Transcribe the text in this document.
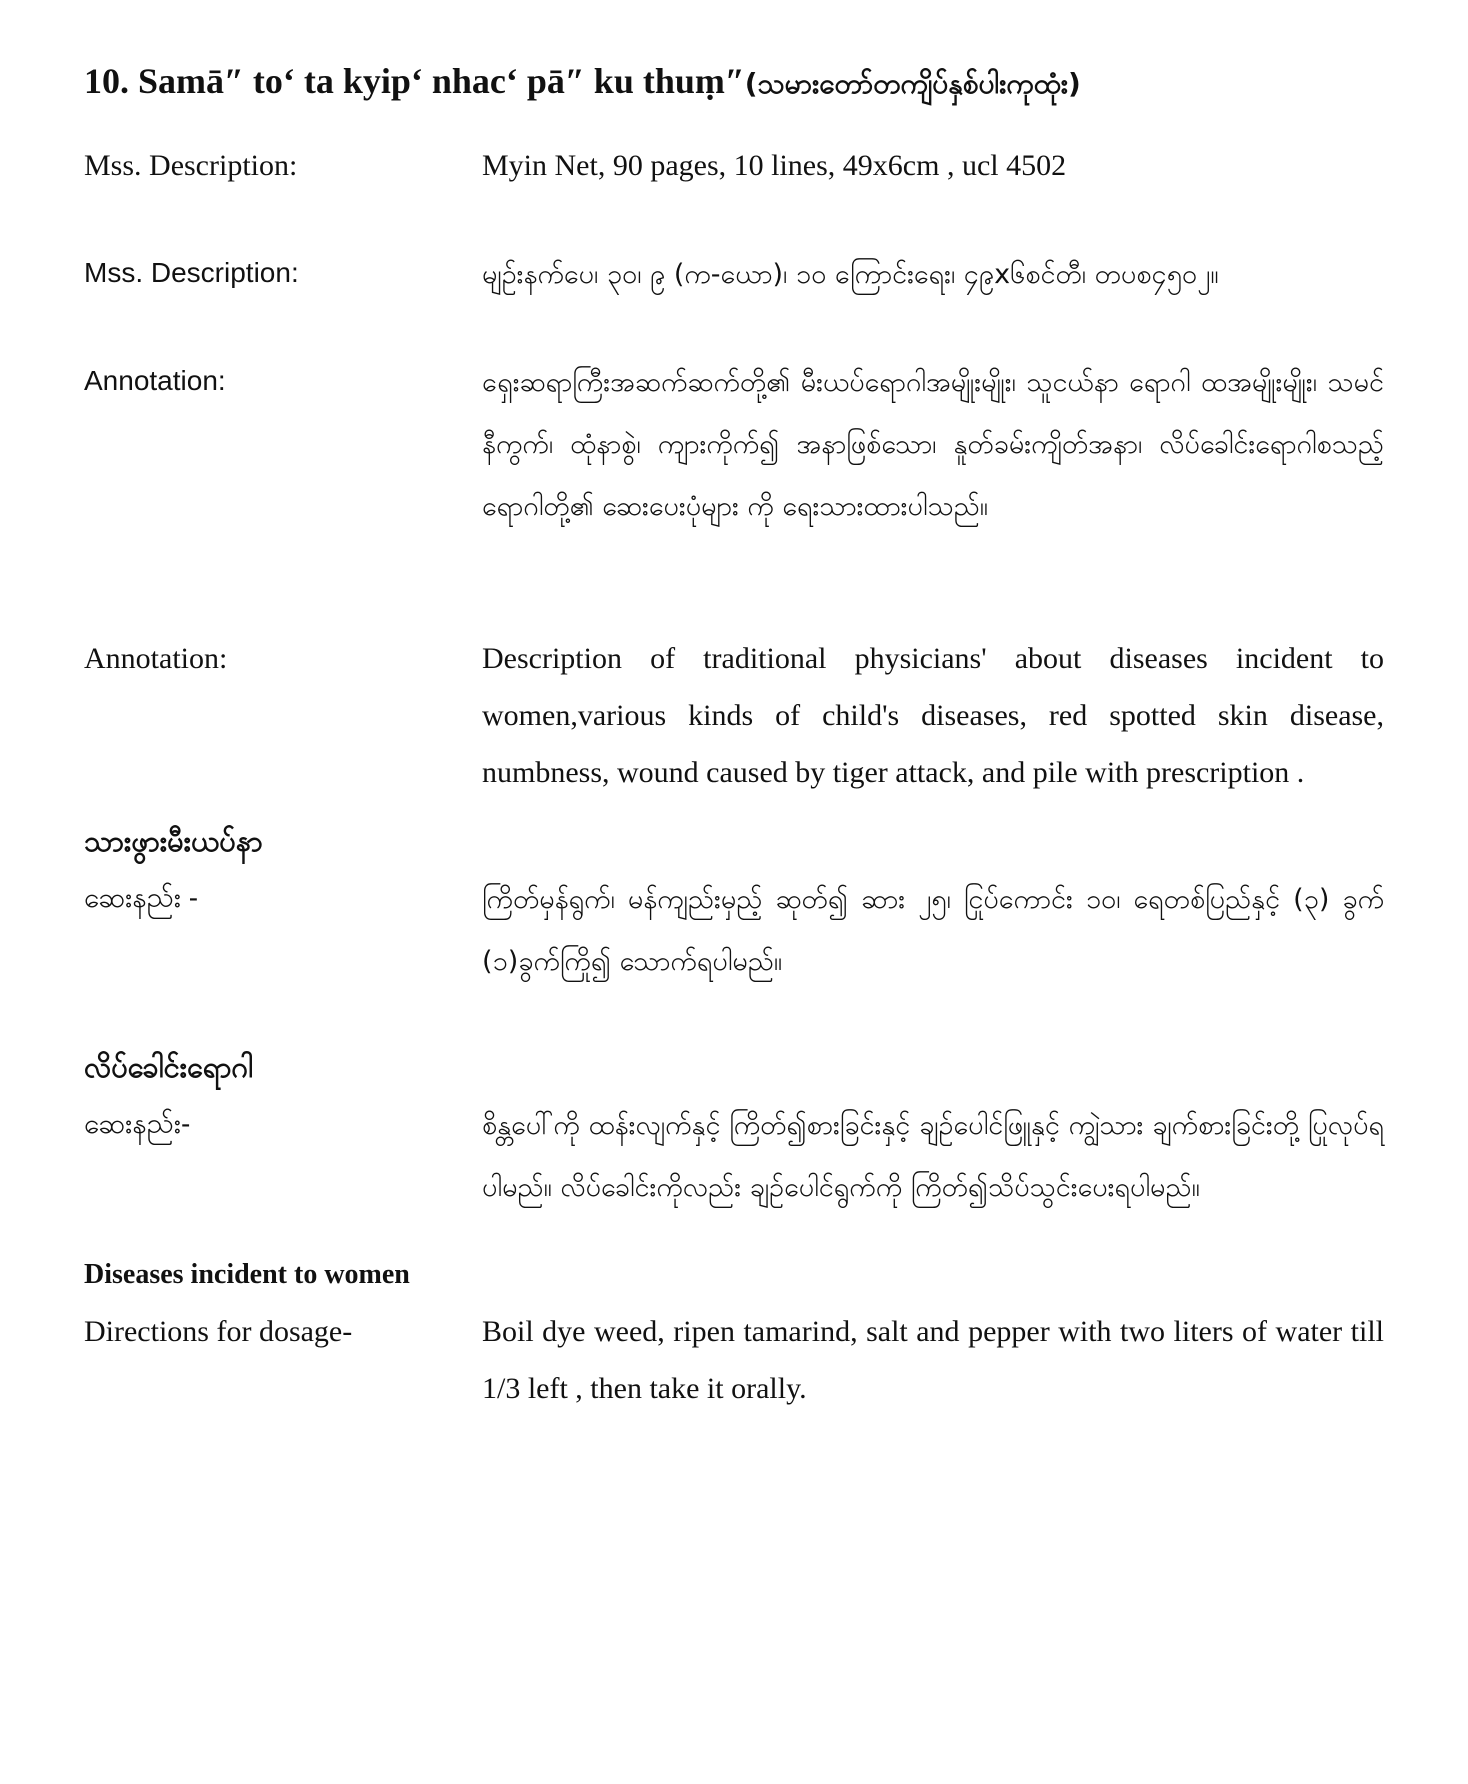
10. Samā″ to‘ ta kyip‘ nhac‘ pā″ ku thuṃ″(သမားတော်တကျိပ်နှစ်ပါးကုထုံး)
Mss. Description:	Myin Net, 90 pages, 10 lines, 49x6cm , ucl 4502
Mss. Description:	မျဉ်းနက်ပေ၊ ၃၀၊ ၉ (က-ယော)၊ ၁၀ ကြောင်းရေး၊ ၄၉x၆စင်တီ၊ တပစ၄၅၀၂။
Annotation:	ရှေးဆရာကြီးအဆက်ဆက်တို့၏ မီးယပ်ရောဂါအမျိုးမျိုး၊ သူငယ်နာ ရောဂါ ထအမျိုးမျိုး၊ သမင်နီကွက်၊ ထုံနာစွဲ၊ ကျားကိုက်၍ အနာဖြစ်သော၊ နူတ်ခမ်းကျိတ်အနာ၊ လိပ်ခေါင်းရောဂါစသည့်ရောဂါတို့၏ ဆေးပေးပုံများ ကို ရေးသားထားပါသည်။
Annotation:	Description of traditional physicians' about diseases incident to women,various kinds of child's diseases, red spotted skin disease, numbness, wound caused by tiger attack, and pile with prescription .
သားဖွားမီးယပ်နာ
ဆေးနည်း -	ကြိတ်မှန်ရွက်၊ မန်ကျည်းမှည့် ဆုတ်၍ ဆား ၂၅၊ ငြုပ်ကောင်း ၁၀၊ ရေတစ်ပြည်နှင့် (၃) ခွက် (၁)ခွက်ကြို၍ သောက်ရပါမည်။
လိပ်ခေါင်းရောဂါ
ဆေးနည်း-	စိန္တပေါ်ကို ထန်းလျက်နှင့် ကြိတ်၍စားခြင်းနှင့် ချဉ်ပေါင်ဖြူနှင့် ကျွဲသား ချက်စားခြင်းတို့ ပြုလုပ်ရပါမည်။ လိပ်ခေါင်းကိုလည်း ချဉ်ပေါင်ရွက်ကို ကြိတ်၍သိပ်သွင်းပေးရပါမည်။
Diseases incident to women
Directions for dosage-	Boil dye weed, ripen tamarind, salt and pepper with two liters of water till 1/3 left , then take it orally.
